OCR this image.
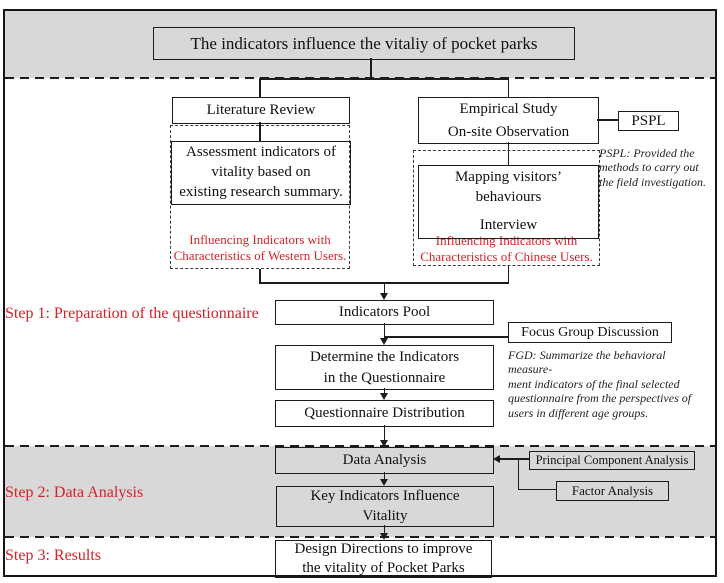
The indicators influence the vitaliy of pocket parks
Literature Review
Influencing Indicators with
Characteristics of Western Users.
Assessment indicators of
vitality based on
existing research summary.
Empirical Study
On-site Observation
PSPL
PSPL: Provided the
methods to carry out
the field investigation.
Influencing Indicators with
Characteristics of Chinese Users.
Mapping visitors’
behaviours
Interview
Indicators Pool
Focus Group Discussion
FGD: Summarize the behavioral measure-
ment indicators of the final selected
questionnaire from the perspectives of
users in different age groups.
Determine the Indicators
in the Questionnaire
Questionnaire Distribution
Data Analysis	Principal Component Analysis
Factor Analysis
Key Indicators Influence
Vitality
Design Directions to improve
the vitality of Pocket Parks
Step 1: Preparation of the questionnaire
Step 2: Data Analysis
Step 3: Results
